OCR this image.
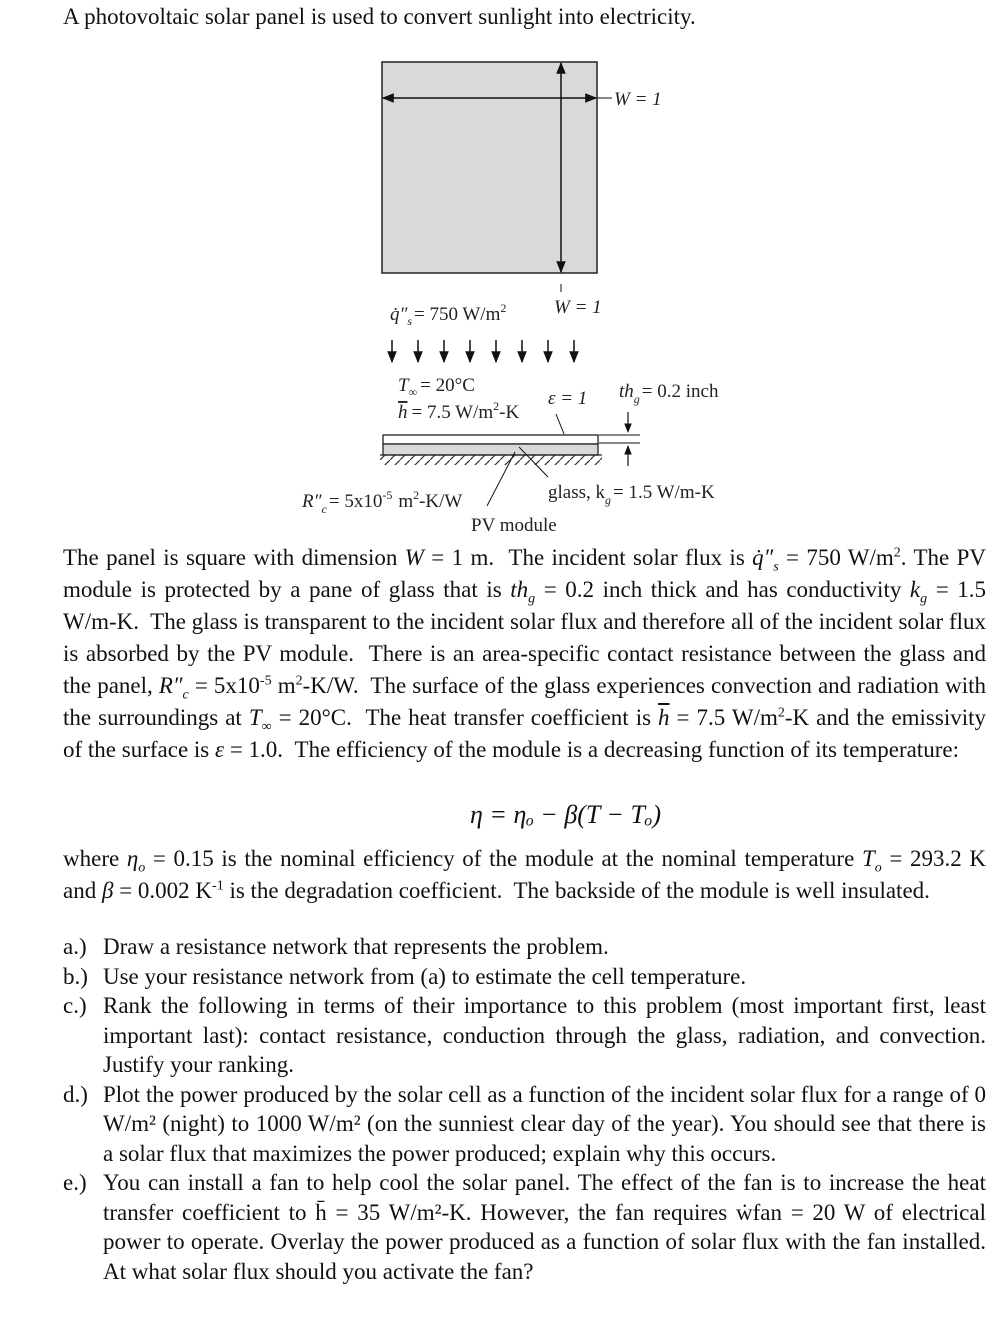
A photovoltaic solar panel is used to convert sunlight into electricity.
W = 1
W = 1
$q̇''_s = 750$ $W/m^2$
$T_\infty = 20^\circ C$
h = 7.5 $W/m^2-K$
ε = 1 $th_g = 0.2$ inch
glass, $k_g = 1.5$ W/m-K
$R''_c = 5x10^{-5}$ $m^2-K/W$
PV module
The panel is square with dimension W = 1 m.  The incident solar flux is $q̇''_s = 750$ $W/m^2$. The PV module is protected by a pane of glass that is $th_g = 0.2$ inch thick and has conductivity $k_g = 1.5$ W/m-K.  The glass is transparent to the incident solar flux and therefore all of the incident solar flux is absorbed by the PV module.  There is an area-specific contact resistance between the glass and the panel, $R''_c = 5x10^{-5}$ $m^2-K/W$.  The surface of the glass experiences convection and radiation with the surroundings at $T_\infty = 20^\circ C$.  The heat transfer coefficient is $\overline{h} = 7.5$ $W/m^2-K$ and the emissivity of the surface is ε = 1.0.  The efficiency of the module is a decreasing function of its temperature:
η = ηₒ − β(T − Tₒ)
where $\eta_o = 0.15$ is the nominal efficiency of the module at the nominal temperature $T_o = 293.2$ K and β = 0.002 $K^{-1}$ is the degradation coefficient.  The backside of the module is well insulated.
a.) Draw a resistance network that represents the problem.
b.) Use your resistance network from (a) to estimate the cell temperature.
c.) Rank the following in terms of their importance to this problem (most important first, least important last): contact resistance, conduction through the glass, radiation, and convection. Justify your ranking.
d.) Plot the power produced by the solar cell as a function of the incident solar flux for a range of 0 W/m² (night) to 1000 W/m² (on the sunniest clear day of the year). You should see that there is a solar flux that maximizes the power produced; explain why this occurs.
e.) You can install a fan to help cool the solar panel. The effect of the fan is to increase the heat transfer coefficient to h̄ = 35 W/m²-K. However, the fan requires ẇfan = 20 W of electrical power to operate. Overlay the power produced as a function of solar flux with the fan installed. At what solar flux should you activate the fan?
